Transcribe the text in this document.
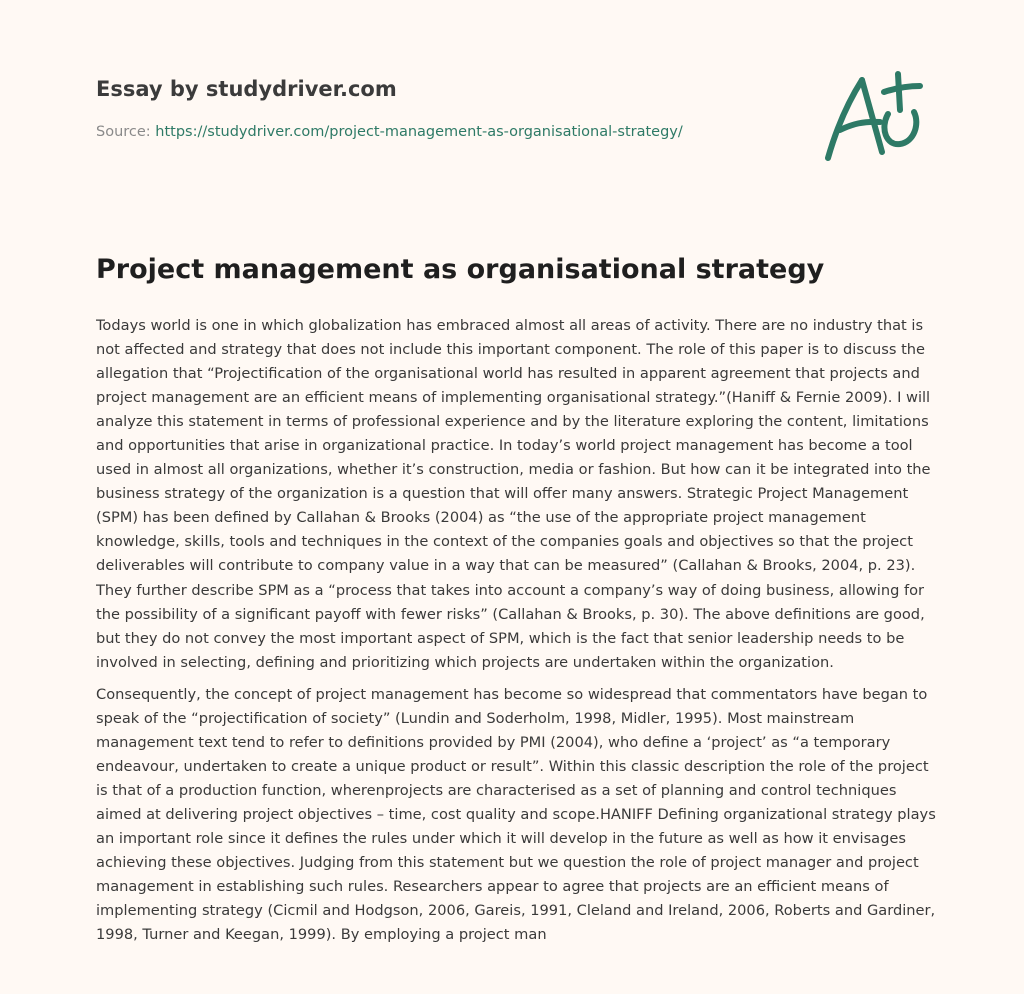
Essay by studydriver.com
Source: https://studydriver.com/project-management-as-organisational-strategy/
Project management as organisational strategy

Todays world is one in which globalization has embraced almost all areas of activity. There are no industry that is not affected and strategy that does not include this important component. The role of this paper is to discuss the allegation that “Projectification of the organisational world has resulted in apparent agreement that projects and project management are an efficient means of implementing organisational strategy.”(Haniff & Fernie 2009). I will analyze this statement in terms of professional experience and by the literature exploring the content, limitations and opportunities that arise in organizational practice. In today’s world project management has become a tool used in almost all organizations, whether it’s construction, media or fashion. But how can it be integrated into the business strategy of the organization is a question that will offer many answers. Strategic Project Management (SPM) has been defined by Callahan & Brooks (2004) as “the use of the appropriate project management knowledge, skills, tools and techniques in the context of the companies goals and objectives so that the project deliverables will contribute to company value in a way that can be measured” (Callahan & Brooks, 2004, p. 23). They further describe SPM as a “process that takes into account a company’s way of doing business, allowing for the possibility of a significant payoff with fewer risks” (Callahan & Brooks, p. 30). The above definitions are good, but they do not convey the most important aspect of SPM, which is the fact that senior leadership needs to be involved in selecting, defining and prioritizing which projects are undertaken within the organization.

Consequently, the concept of project management has become so widespread that commentators have began to speak of the “projectification of society” (Lundin and Soderholm, 1998, Midler, 1995). Most mainstream management text tend to refer to definitions provided by PMI (2004), who define a ‘project’ as “a temporary endeavour, undertaken to create a unique product or result”. Within this classic description the role of the project is that of a production function, wherenprojects are characterised as a set of planning and control techniques aimed at delivering project objectives – time, cost quality and scope.HANIFF Defining organizational strategy plays an important role since it defines the rules under which it will develop in the future as well as how it envisages achieving these objectives. Judging from this statement but we question the role of project manager and project management in establishing such rules. Researchers appear to agree that projects are an efficient means of implementing strategy (Cicmil and Hodgson, 2006, Gareis, 1991, Cleland and Ireland, 2006, Roberts and Gardiner, 1998, Turner and Keegan, 1999). By employing a project man
